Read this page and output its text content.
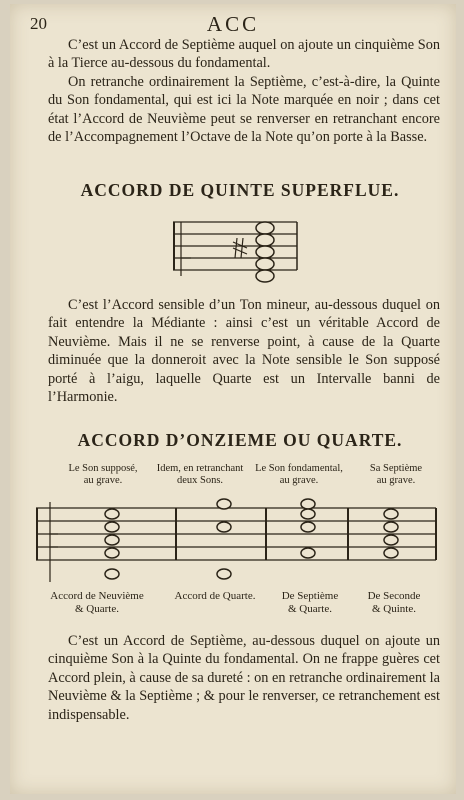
20	ACC

C’est un Accord de Septième auquel on ajoute un cinquième Son à la Tierce au-dessous du fondamental.

On retranche ordinairement la Septième, c’est-à-dire, la Quinte du Son fondamental, qui est ici la Note marquée en noir ; dans cet état l’Accord de Neuvième peut se renverser en retranchant encore de l’Accompagnement l’Octave de la Note qu’on porte à la Basse.

ACCORD DE QUINTE SUPERFLUE.

C’est l’Accord sensible d’un Ton mineur, au-dessous duquel on fait entendre la Médiante : ainsi c’est un véritable Accord de Neuvième. Mais il ne se renverse point, à cause de la Quarte diminuée que la donneroit avec la Note sensible le Son supposé porté à l’aigu, laquelle Quarte est un Intervalle banni de l’Harmonie.

ACCORD D’ONZIEME OU QUARTE.
Le Son supposé,
au grave.
Idem, en retranchant
deux Sons.
Le Son fondamental,
au grave.
Sa Septième
au grave.
Accord de Neuvième
& Quarte.
Accord de Quarte.	De Septième
& Quarte.
De Seconde
& Quinte.

C’est un Accord de Septième, au-dessous duquel on ajoute un cinquième Son à la Quinte du fondamental. On ne frappe guères cet Accord plein, à cause de sa dureté : on en retranche ordinairement la Neuvième & la Septième ; & pour le renverser, ce retranchement est indispensable.
